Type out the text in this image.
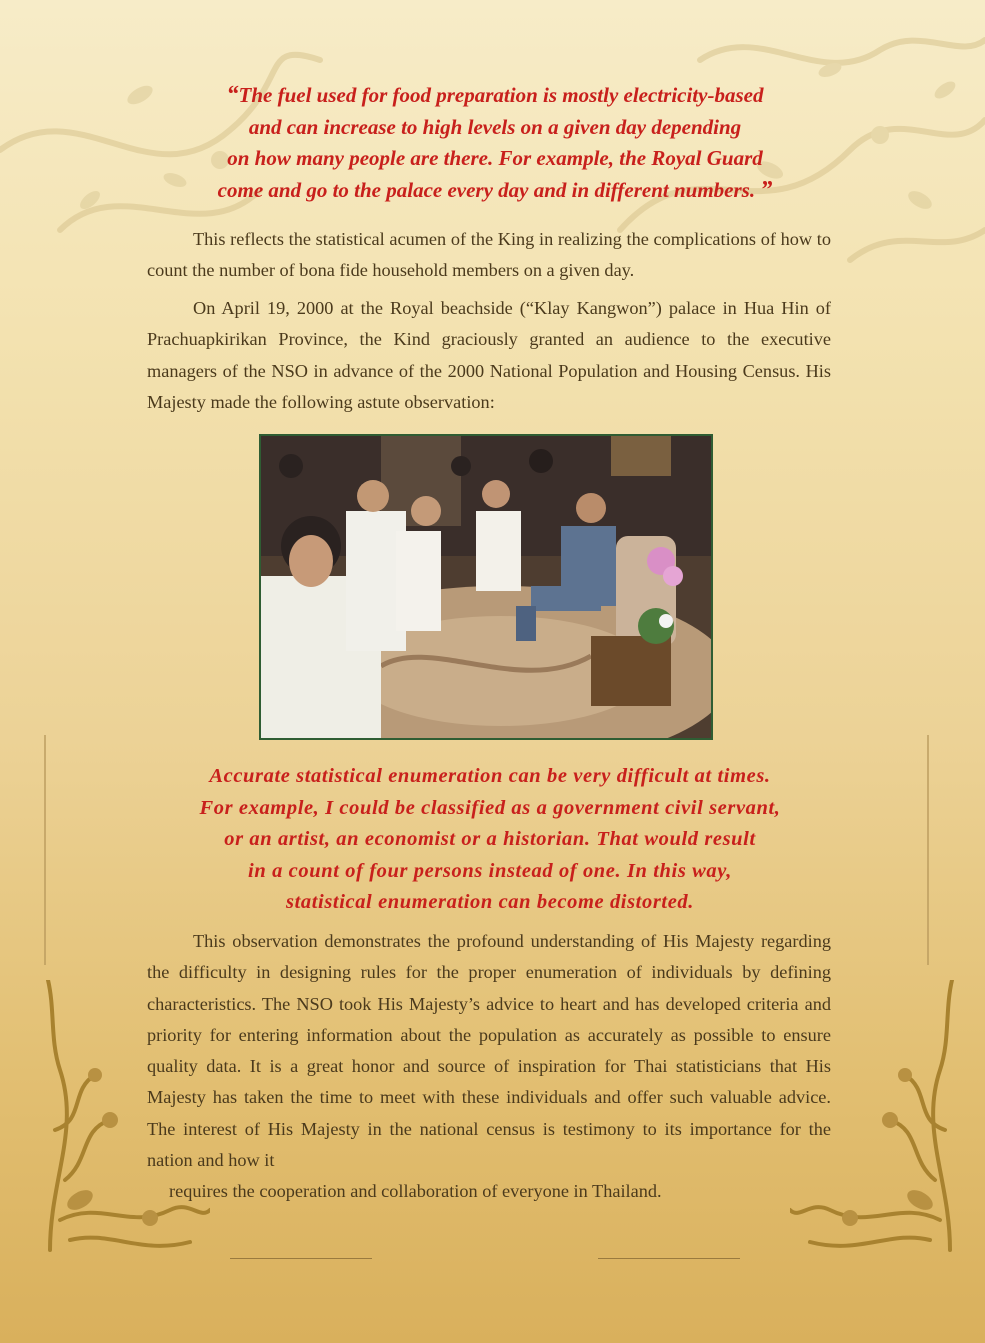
“The fuel used for food preparation is mostly electricity-based
and can increase to high levels on a given day depending
on how many people are there. For example, the Royal Guard
come and go to the palace every day and in different numbers. ”
This reflects the statistical acumen of the King in realizing the complications of how to count the number of bona fide household members on a given day.
On April 19, 2000 at the Royal beachside (“Klay Kangwon”) palace in Hua Hin of Prachuapkirikan Province, the Kind graciously granted an audience to the executive managers of the NSO in advance of the 2000 National Population and Housing Census. His Majesty made the following astute observation:
Accurate statistical enumeration can be very difficult at times.
For example, I could be classified as a government civil servant,
or an artist, an economist or a historian. That would result
in a count of four persons instead of one. In this way,
statistical enumeration can become distorted.
This observation demonstrates the profound understanding of His Majesty regarding the difficulty in designing rules for the proper enumeration of individuals by defining characteristics. The NSO took His Majesty’s advice to heart and has developed criteria and priority for entering information about the population as accurately as possible to ensure quality data. It is a great honor and source of inspiration for Thai statisticians that His Majesty has taken the time to meet with these individuals and offer such valuable advice. The interest of His Majesty in the national census is testimony to its importance for the nation and how it
requires the cooperation and collaboration of everyone in Thailand.
